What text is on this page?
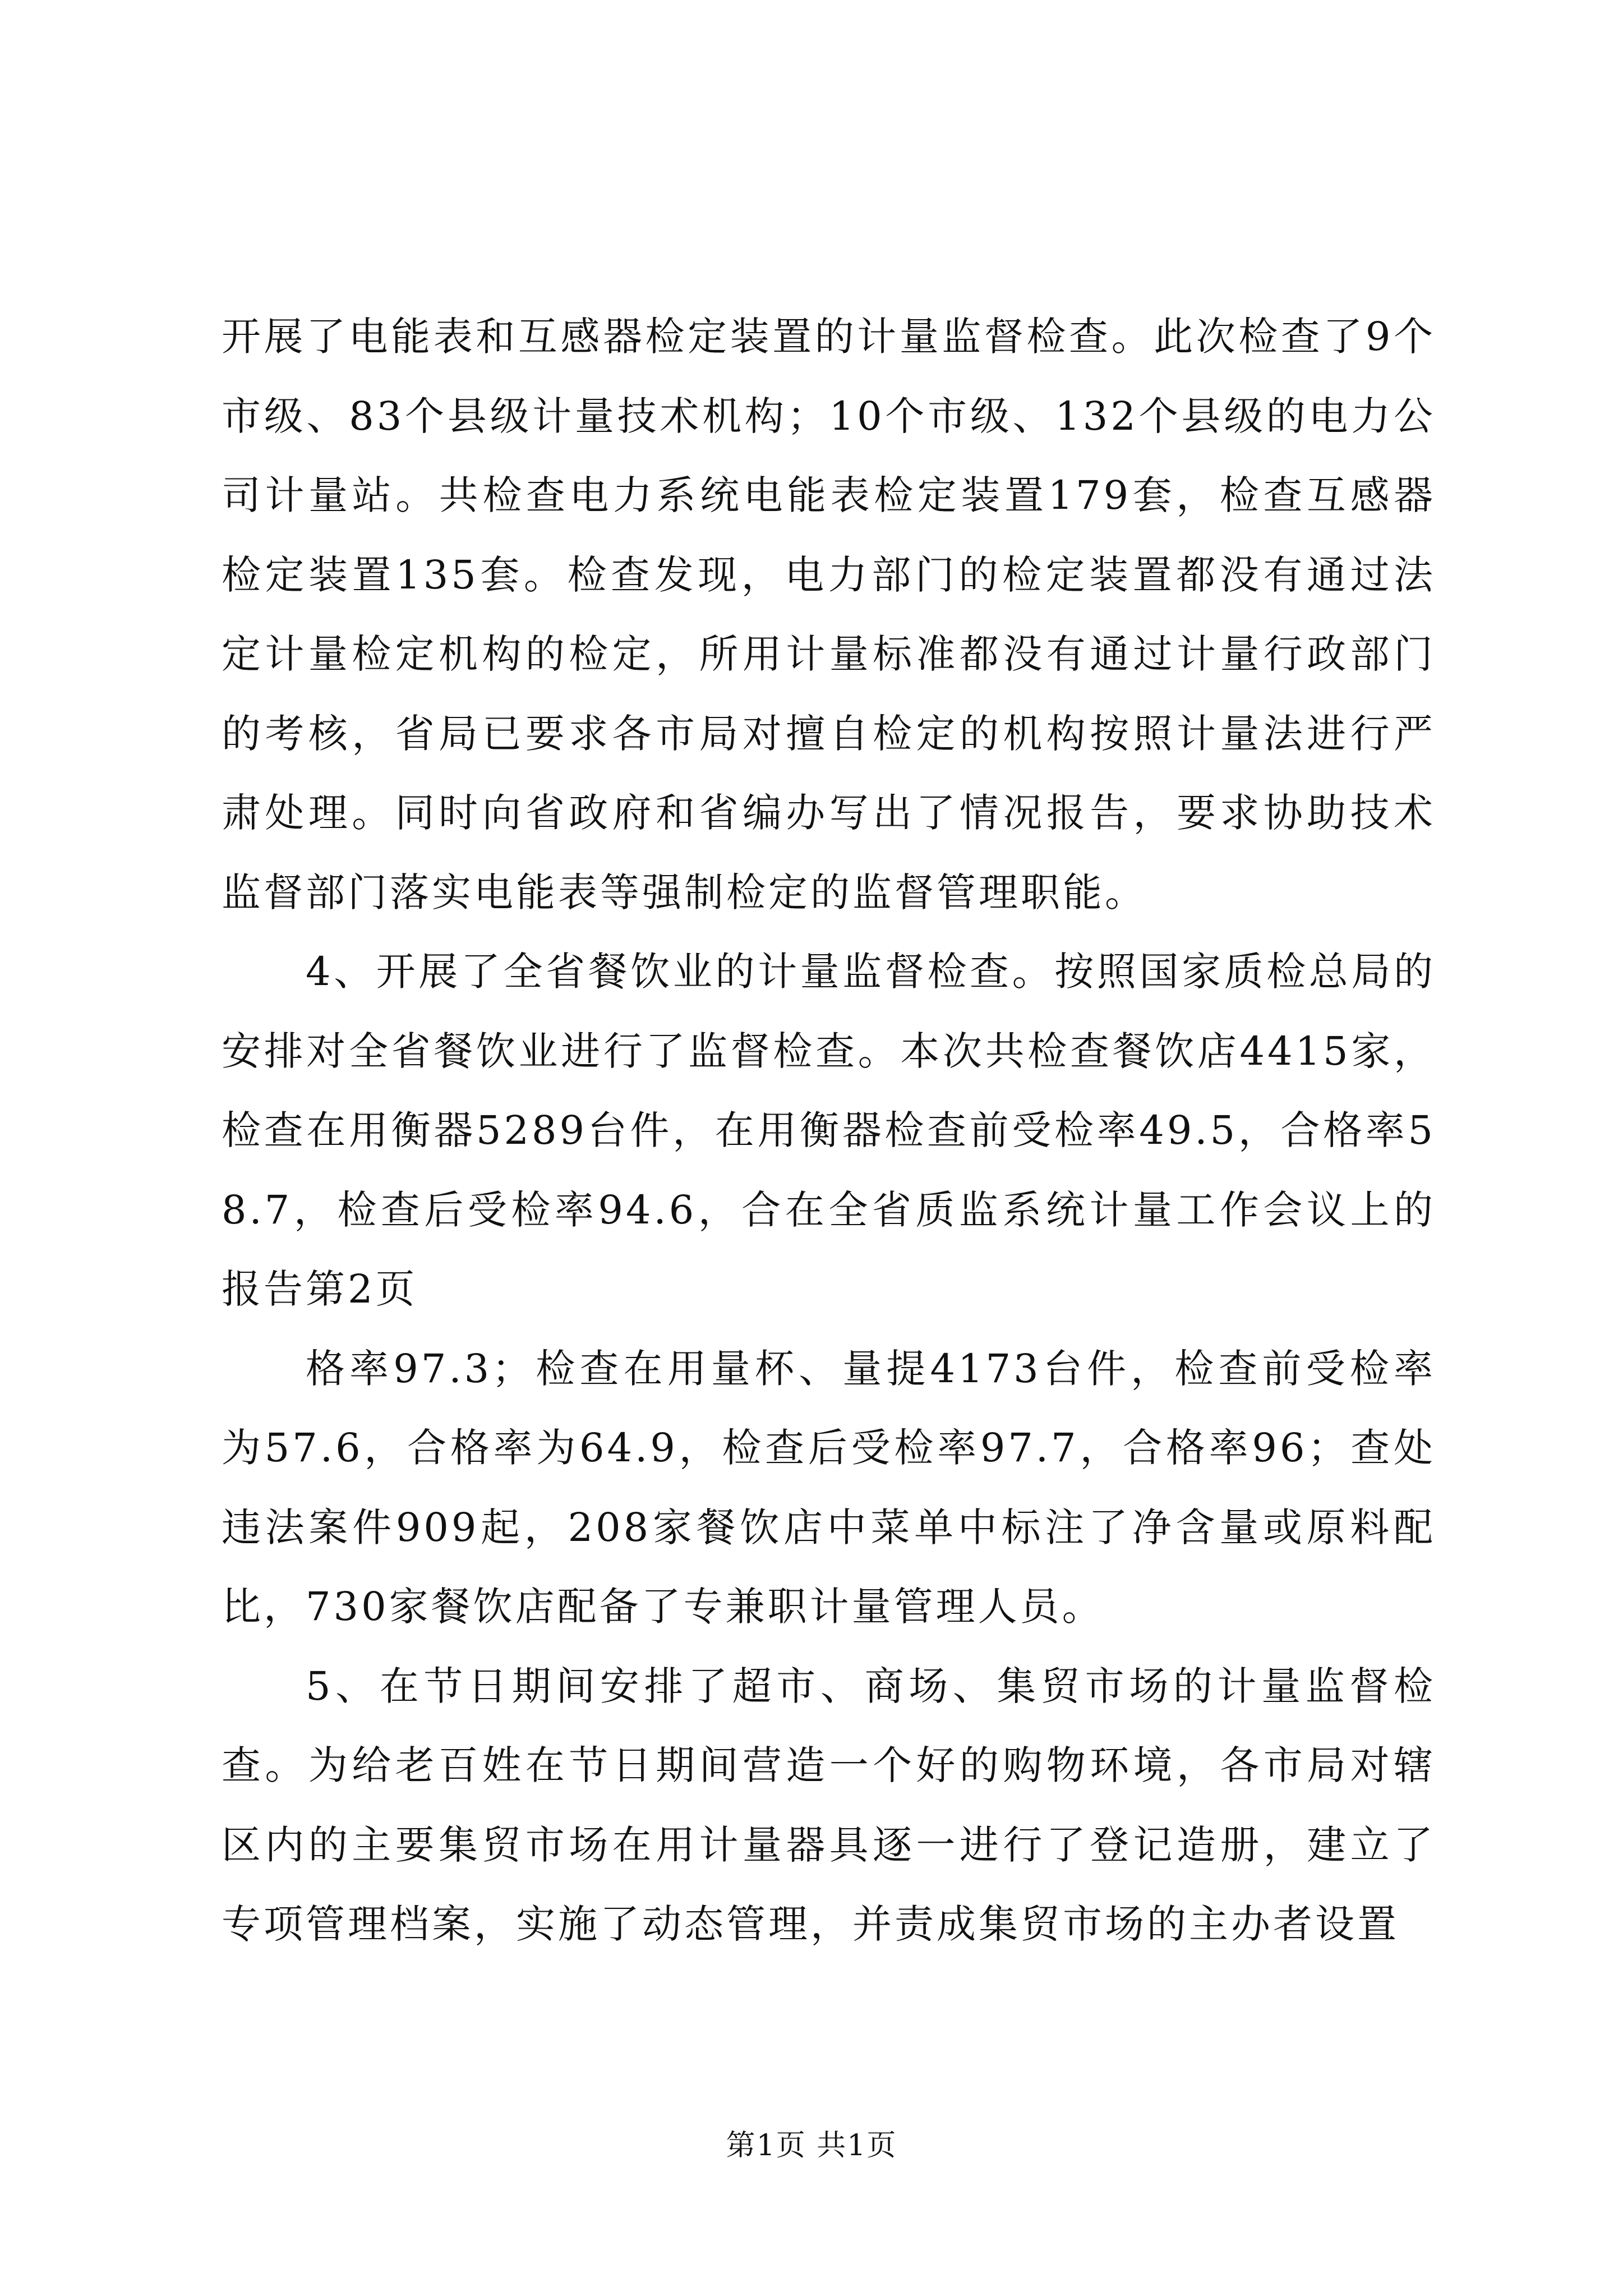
开展了电能表和互感器检定装置的计量监督检查。此次检查了9个市级、83个县级计量技术机构；10个市级、132个县级的电力公司计量站。共检查电力系统电能表检定装置179套，检查互感器检定装置135套。检查发现，电力部门的检定装置都没有通过法定计量检定机构的检定，所用计量标准都没有通过计量行政部门的考核，省局已要求各市局对擅自检定的机构按照计量法进行严肃处理。同时向省政府和省编办写出了情况报告，要求协助技术监督部门落实电能表等强制检定的监督管理职能。

4、开展了全省餐饮业的计量监督检查。按照国家质检总局的安排对全省餐饮业进行了监督检查。本次共检查餐饮店4415家，检查在用衡器5289台件，在用衡器检查前受检率49.5，合格率58.7，检查后受检率94.6，合在全省质监系统计量工作会议上的报告第2页

格率97.3；检查在用量杯、量提4173台件，检查前受检率为57.6，合格率为64.9，检查后受检率97.7，合格率96；查处违法案件909起，208家餐饮店中菜单中标注了净含量或原料配比，730家餐饮店配备了专兼职计量管理人员。

5、在节日期间安排了超市、商场、集贸市场的计量监督检查。为给老百姓在节日期间营造一个好的购物环境，各市局对辖区内的主要集贸市场在用计量器具逐一进行了登记造册，建立了专项管理档案，实施了动态管理，并责成集贸市场的主办者设置

第1页 共1页
